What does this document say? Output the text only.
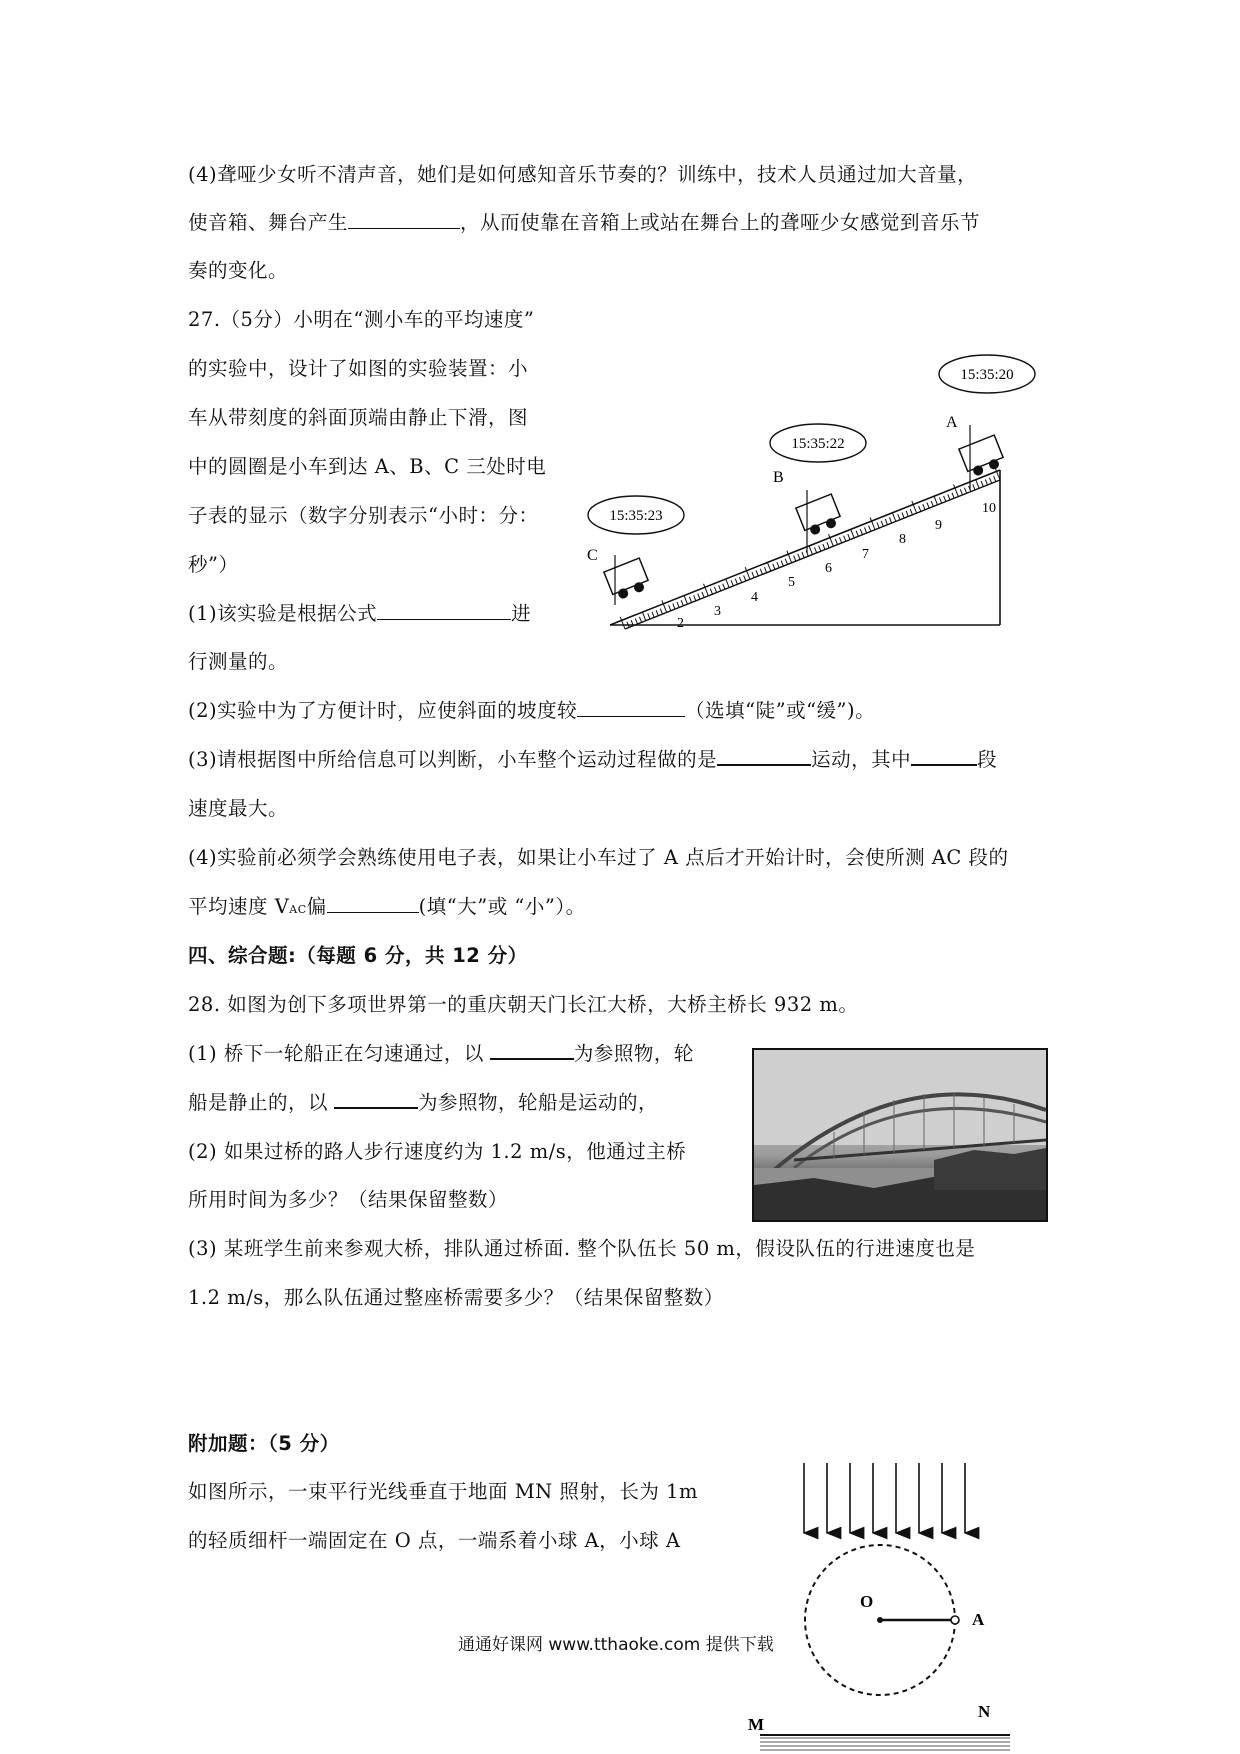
(4)聋哑少女听不清声音，她们是如何感知音乐节奏的？训练中，技术人员通过加大音量，
使音箱、舞台产生	，从而使靠在音箱上或站在舞台上的聋哑少女感觉到音乐节
奏的变化。
27.（5分）小明在“测小车的平均速度”
的实验中，设计了如图的实验装置：小
车从带刻度的斜面顶端由静止下滑，图
中的圆圈是小车到达 A、B、C 三处时电
子表的显示（数字分别表示“小时：分：
秒”）
2
3
4
5
6
7
8
9
10
C
15:35:23
B
15:35:22
A
15:35:20
(1)该实验是根据公式	进
行测量的。
(2)实验中为了方便计时，应使斜面的坡度较	（选填“陡”或“缓”)。
(3)请根据图中所给信息可以判断，小车整个运动过程做的是	运动，其中	段
速度最大。
(4)实验前必须学会熟练使用电子表，如果让小车过了 A 点后才开始计时，会使所测 AC 段的
平均速度 VAC偏	(填“大”或 “小”）。
四、综合题:（每题 6 分，共 12 分）
28. 如图为创下多项世界第一的重庆朝天门长江大桥，大桥主桥长 932 m。
(1) 桥下一轮船正在匀速通过，以	为参照物，轮
船是静止的，以	为参照物，轮船是运动的，
(2) 如果过桥的路人步行速度约为 1.2 m/s，他通过主桥
所用时间为多少？（结果保留整数）
(3) 某班学生前来参观大桥，排队通过桥面. 整个队伍长 50 m，假设队伍的行进速度也是
1.2 m/s，那么队伍通过整座桥需要多少？（结果保留整数）
附加题：（5 分）
如图所示，一束平行光线垂直于地面 MN 照射，长为 1m
的轻质细杆一端固定在 O 点，一端系着小球 A，小球 A
O
A
M
N
通通好课网 www.tthaoke.com 提供下载
